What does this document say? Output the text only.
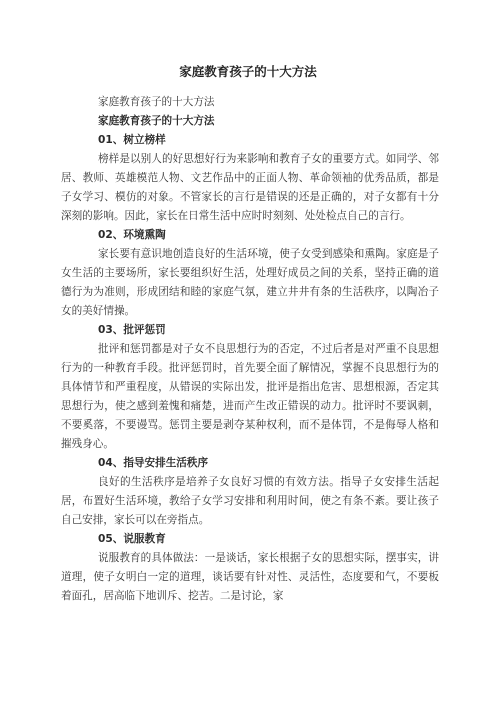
家庭教育孩子的十大方法
家庭教育孩子的十大方法
家庭教育孩子的十大方法
01、树立榜样

榜样是以别人的好思想好行为来影响和教育子女的重要方式。如同学、邻居、教师、英雄模范人物、文艺作品中的正面人物、革命领袖的优秀品质，都是子女学习、模仿的对象。不管家长的言行是错误的还是正确的，对子女都有十分深刻的影响。因此，家长在日常生活中应时时刻刻、处处检点自己的言行。

02、环境熏陶

家长要有意识地创造良好的生活环境，使子女受到感染和熏陶。家庭是子女生活的主要场所，家长要组织好生活，处理好成员之间的关系，坚持正确的道德行为为准则，形成团结和睦的家庭气氛，建立井井有条的生活秩序，以陶冶子女的美好情操。

03、批评惩罚

批评和惩罚都是对子女不良思想行为的否定，不过后者是对严重不良思想行为的一种教育手段。批评惩罚时，首先要全面了解情况，掌握不良思想行为的具体情节和严重程度，从错误的实际出发，批评是指出危害、思想根源，否定其思想行为，使之感到羞愧和痛楚，进而产生改正错误的动力。批评时不要讽刺，不要奚落，不要谩骂。惩罚主要是剥夺某种权利，而不是体罚，不是侮辱人格和摧残身心。

04、指导安排生活秩序

良好的生活秩序是培养子女良好习惯的有效方法。指导子女安排生活起居，布置好生活环境，教给子女学习安排和利用时间，使之有条不紊。要让孩子自己安排，家长可以在旁指点。

05、说服教育

说服教育的具体做法：一是谈话，家长根据子女的思想实际，摆事实，讲道理，使子女明白一定的道理，谈话要有针对性、灵活性，态度要和气，不要板着面孔，居高临下地训斥、挖苦。二是讨论，家
